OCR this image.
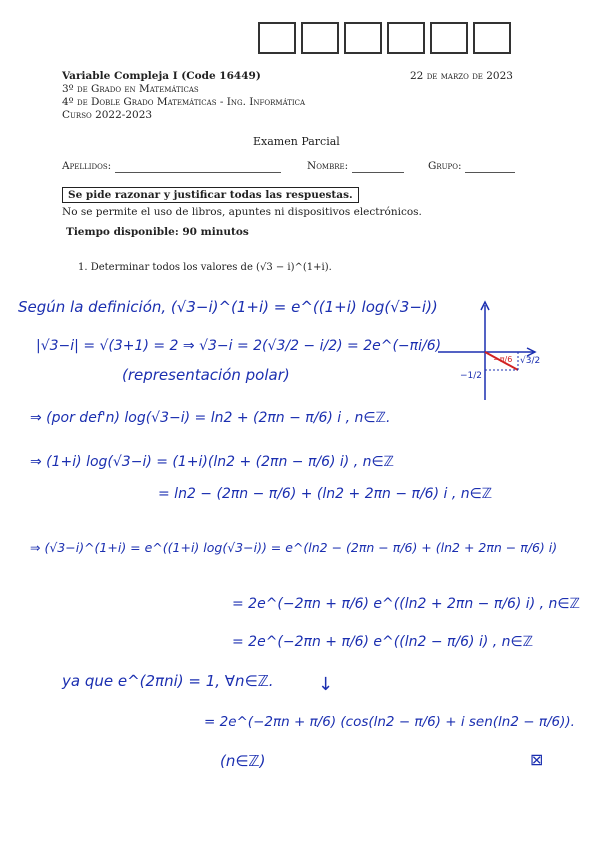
Variable Compleja I (Code 16449)	22 de marzo de 2023
3º de Grado en Matemáticas
4º de Doble Grado Matemáticas - Ing. Informática
Curso 2022-2023
Examen Parcial
Apellidos:	Nombre:	Grupo:
Se pide razonar y justificar todas las respuestas.
No se permite el uso de libros, apuntes ni dispositivos electrónicos.
Tiempo disponible: 90 minutos
1. Determinar todos los valores de (√3 − i)^(1+i).
Según la definición, (√3−i)^(1+i) = e^((1+i) log(√3−i))
|√3−i| = √(3+1) = 2 ⇒ √3−i = 2(√3/2 − i/2) = 2e^(−πi/6)
(representación polar)
−π/6 √3/2
−1/2
⇒ (por def'n) log(√3−i) = ln2 + (2πn − π/6) i , n∈ℤ.
⇒ (1+i) log(√3−i) = (1+i)(ln2 + (2πn − π/6) i) , n∈ℤ
= ln2 − (2πn − π/6) + (ln2 + 2πn − π/6) i , n∈ℤ
⇒ (√3−i)^(1+i) = e^((1+i) log(√3−i)) = e^(ln2 − (2πn − π/6) + (ln2 + 2πn − π/6) i)
= 2e^(−2πn + π/6) e^((ln2 + 2πn − π/6) i) , n∈ℤ
= 2e^(−2πn + π/6) e^((ln2 − π/6) i) , n∈ℤ
ya que e^(2πni) = 1, ∀n∈ℤ. ↓
= 2e^(−2πn + π/6) (cos(ln2 − π/6) + i sen(ln2 − π/6)).
(n∈ℤ)	⊠
